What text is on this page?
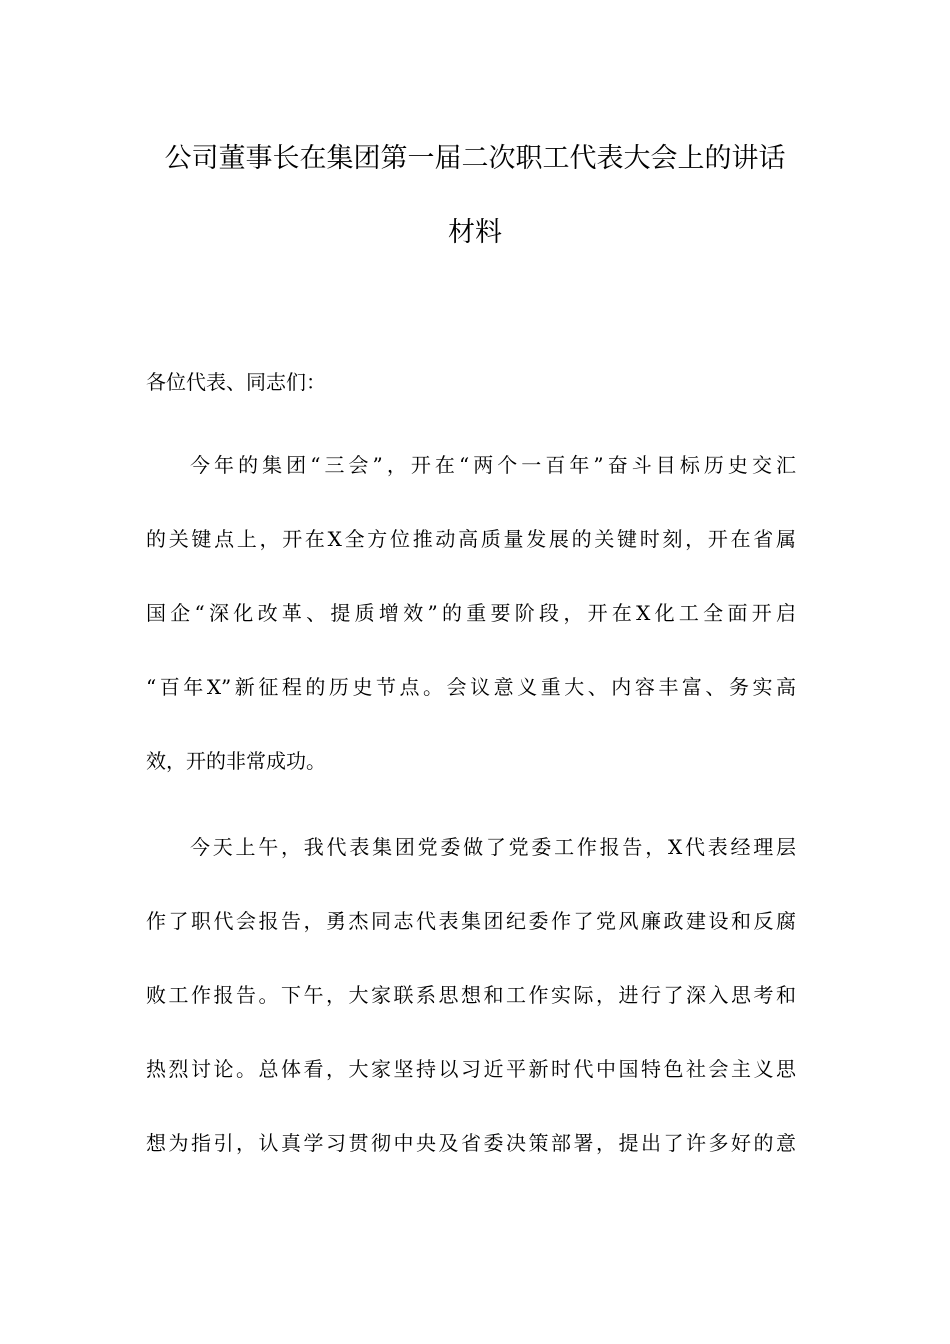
公司董事长在集团第一届二次职工代表大会上的讲话
材料
各位代表、同志们：
今年的集团“三会”，开在“两个一百年”奋斗目标历史交汇
的关键点上，开在X全方位推动高质量发展的关键时刻，开在省属
国企“深化改革、提质增效”的重要阶段，开在X化工全面开启
“百年X”新征程的历史节点。会议意义重大、内容丰富、务实高
效，开的非常成功。
今天上午，我代表集团党委做了党委工作报告，X代表经理层
作了职代会报告，勇杰同志代表集团纪委作了党风廉政建设和反腐
败工作报告。下午，大家联系思想和工作实际，进行了深入思考和
热烈讨论。总体看，大家坚持以习近平新时代中国特色社会主义思
想为指引，认真学习贯彻中央及省委决策部署，提出了许多好的意
